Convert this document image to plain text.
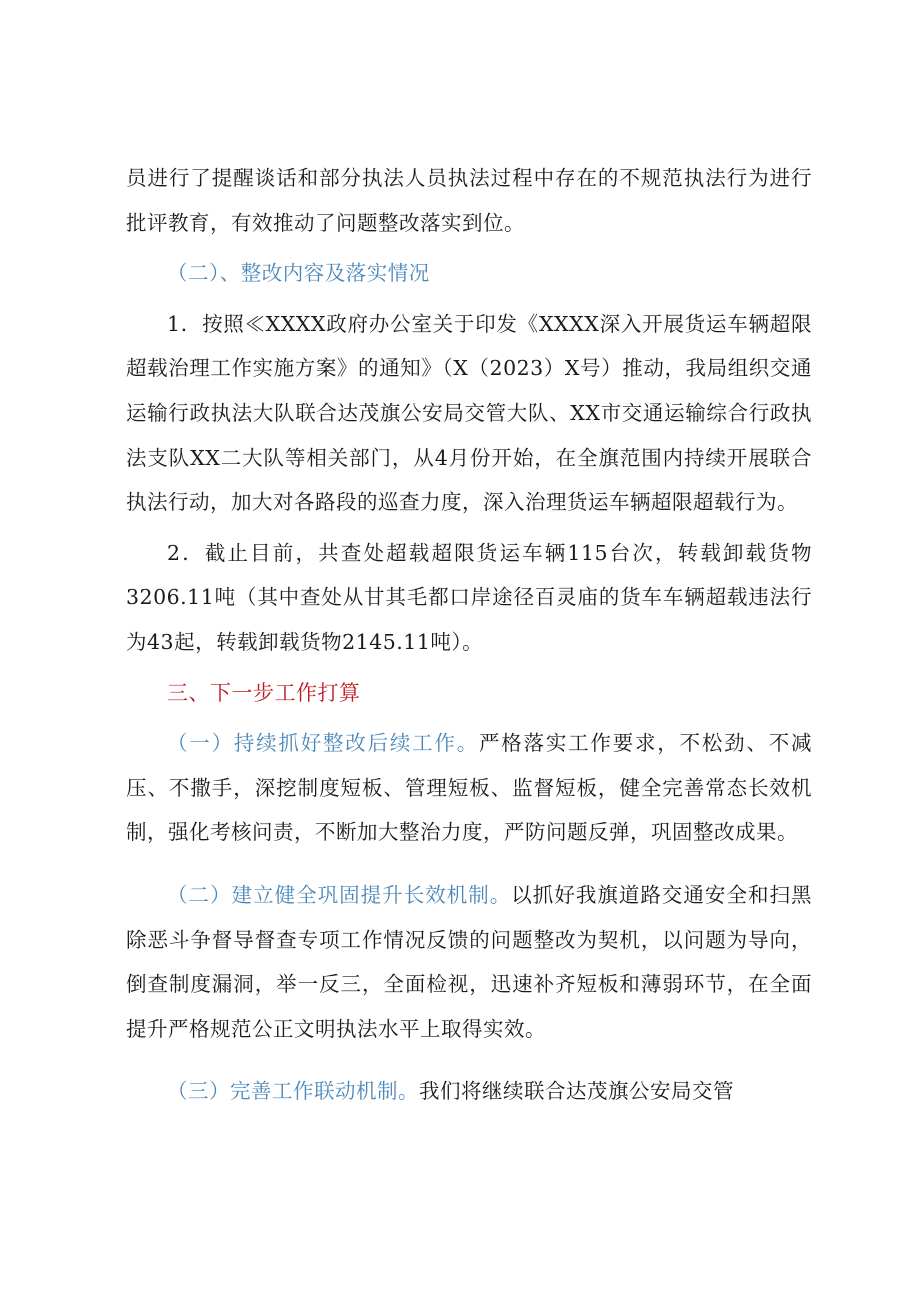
员进行了提醒谈话和部分执法人员执法过程中存在的不规范执法行为进行批评教育，有效推动了问题整改落实到位。

（二）、整改内容及落实情况

1．按照≪XXXX政府办公室关于印发《XXXX深入开展货运车辆超限超载治理工作实施方案》的通知》（X（2023）X号）推动，我局组织交通运输行政执法大队联合达茂旗公安局交管大队、XX市交通运输综合行政执法支队XX二大队等相关部门，从4月份开始，在全旗范围内持续开展联合执法行动，加大对各路段的巡查力度，深入治理货运车辆超限超载行为。

2．截止目前，共查处超载超限货运车辆115台次，转载卸载货物3206.11吨（其中查处从甘其毛都口岸途径百灵庙的货车车辆超载违法行为43起，转载卸载货物2145.11吨）。

三、下一步工作打算

（一）持续抓好整改后续工作。严格落实工作要求，不松劲、不减压、不撒手，深挖制度短板、管理短板、监督短板，健全完善常态长效机制，强化考核问责，不断加大整治力度，严防问题反弹，巩固整改成果。

（二）建立健全巩固提升长效机制。以抓好我旗道路交通安全和扫黑除恶斗争督导督查专项工作情况反馈的问题整改为契机，以问题为导向，倒查制度漏洞，举一反三，全面检视，迅速补齐短板和薄弱环节，在全面提升严格规范公正文明执法水平上取得实效。

（三）完善工作联动机制。我们将继续联合达茂旗公安局交管
